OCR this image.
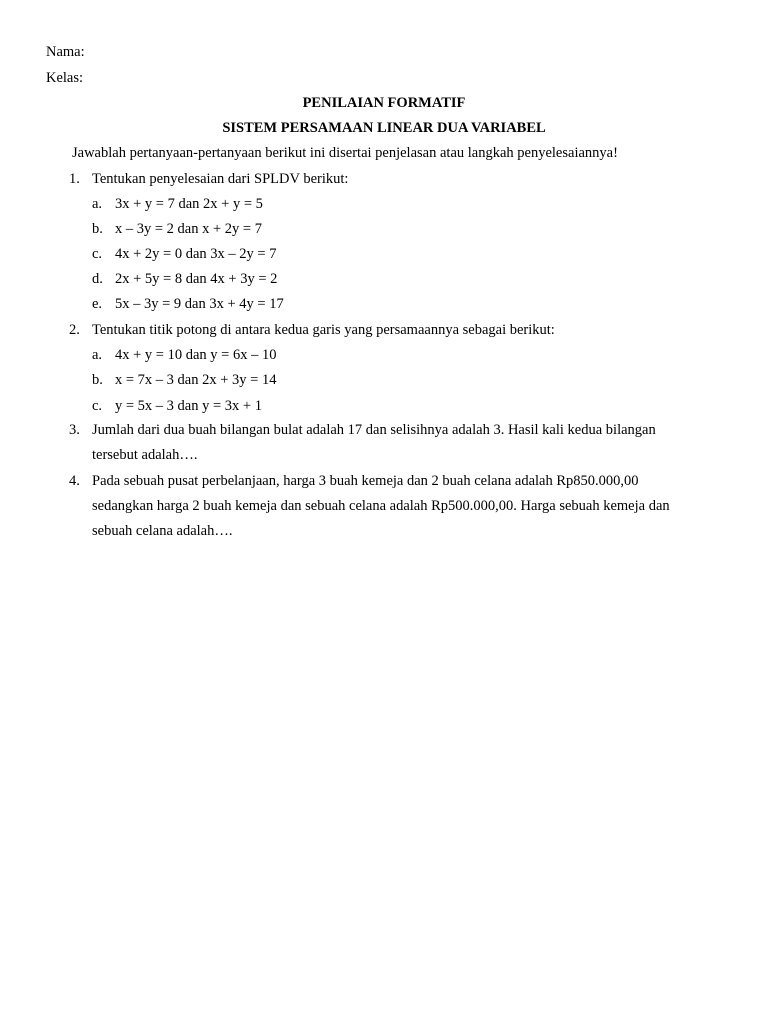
Nama:
Kelas:
PENILAIAN FORMATIF
SISTEM PERSAMAAN LINEAR DUA VARIABEL
Jawablah pertanyaan-pertanyaan berikut ini disertai penjelasan atau langkah penyelesaiannya!
1. Tentukan penyelesaian dari SPLDV berikut:
a. 3x + y = 7 dan 2x + y = 5
b. x – 3y = 2 dan x + 2y = 7
c. 4x + 2y = 0 dan 3x – 2y = 7
d. 2x + 5y = 8 dan 4x + 3y = 2
e. 5x – 3y = 9 dan 3x + 4y = 17
2. Tentukan titik potong di antara kedua garis yang persamaannya sebagai berikut:
a. 4x + y = 10 dan y = 6x – 10
b. x = 7x – 3 dan 2x + 3y = 14
c. y = 5x – 3 dan y = 3x + 1
3. Jumlah dari dua buah bilangan bulat adalah 17 dan selisihnya adalah 3. Hasil kali kedua bilangan
tersebut adalah….
4. Pada sebuah pusat perbelanjaan, harga 3 buah kemeja dan 2 buah celana adalah Rp850.000,00
sedangkan harga 2 buah kemeja dan sebuah celana adalah Rp500.000,00. Harga sebuah kemeja dan
sebuah celana adalah….
